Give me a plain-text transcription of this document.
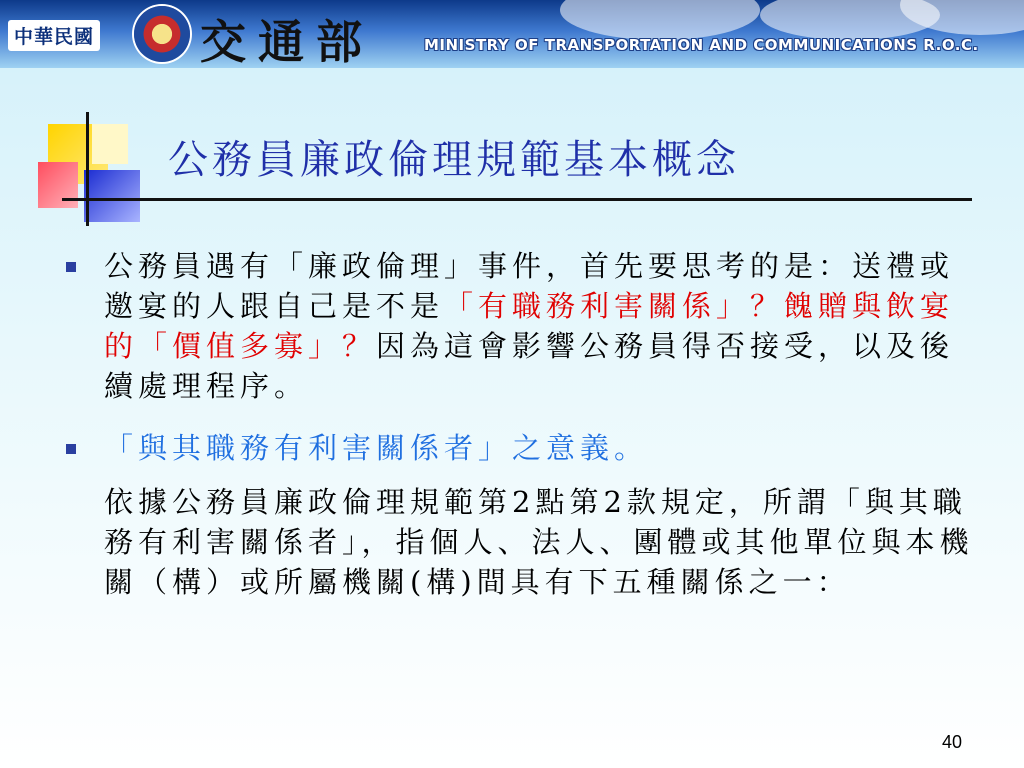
中華民國 交通部	MINISTRY OF TRANSPORTATION AND COMMUNICATIONS R.O.C.
公務員廉政倫理規範基本概念

公務員遇有「廉政倫理」事件，首先要思考的是：送禮或邀宴的人跟自己是不是「有職務利害關係」？餽贈與飲宴的「價值多寡」？因為這會影響公務員得否接受，以及後續處理程序。

「與其職務有利害關係者」之意義。

依據公務員廉政倫理規範第2點第2款規定，所謂「與其職務有利害關係者」，指個人、法人、團體或其他單位與本機關（構）或所屬機關(構)間具有下五種關係之一：

40
